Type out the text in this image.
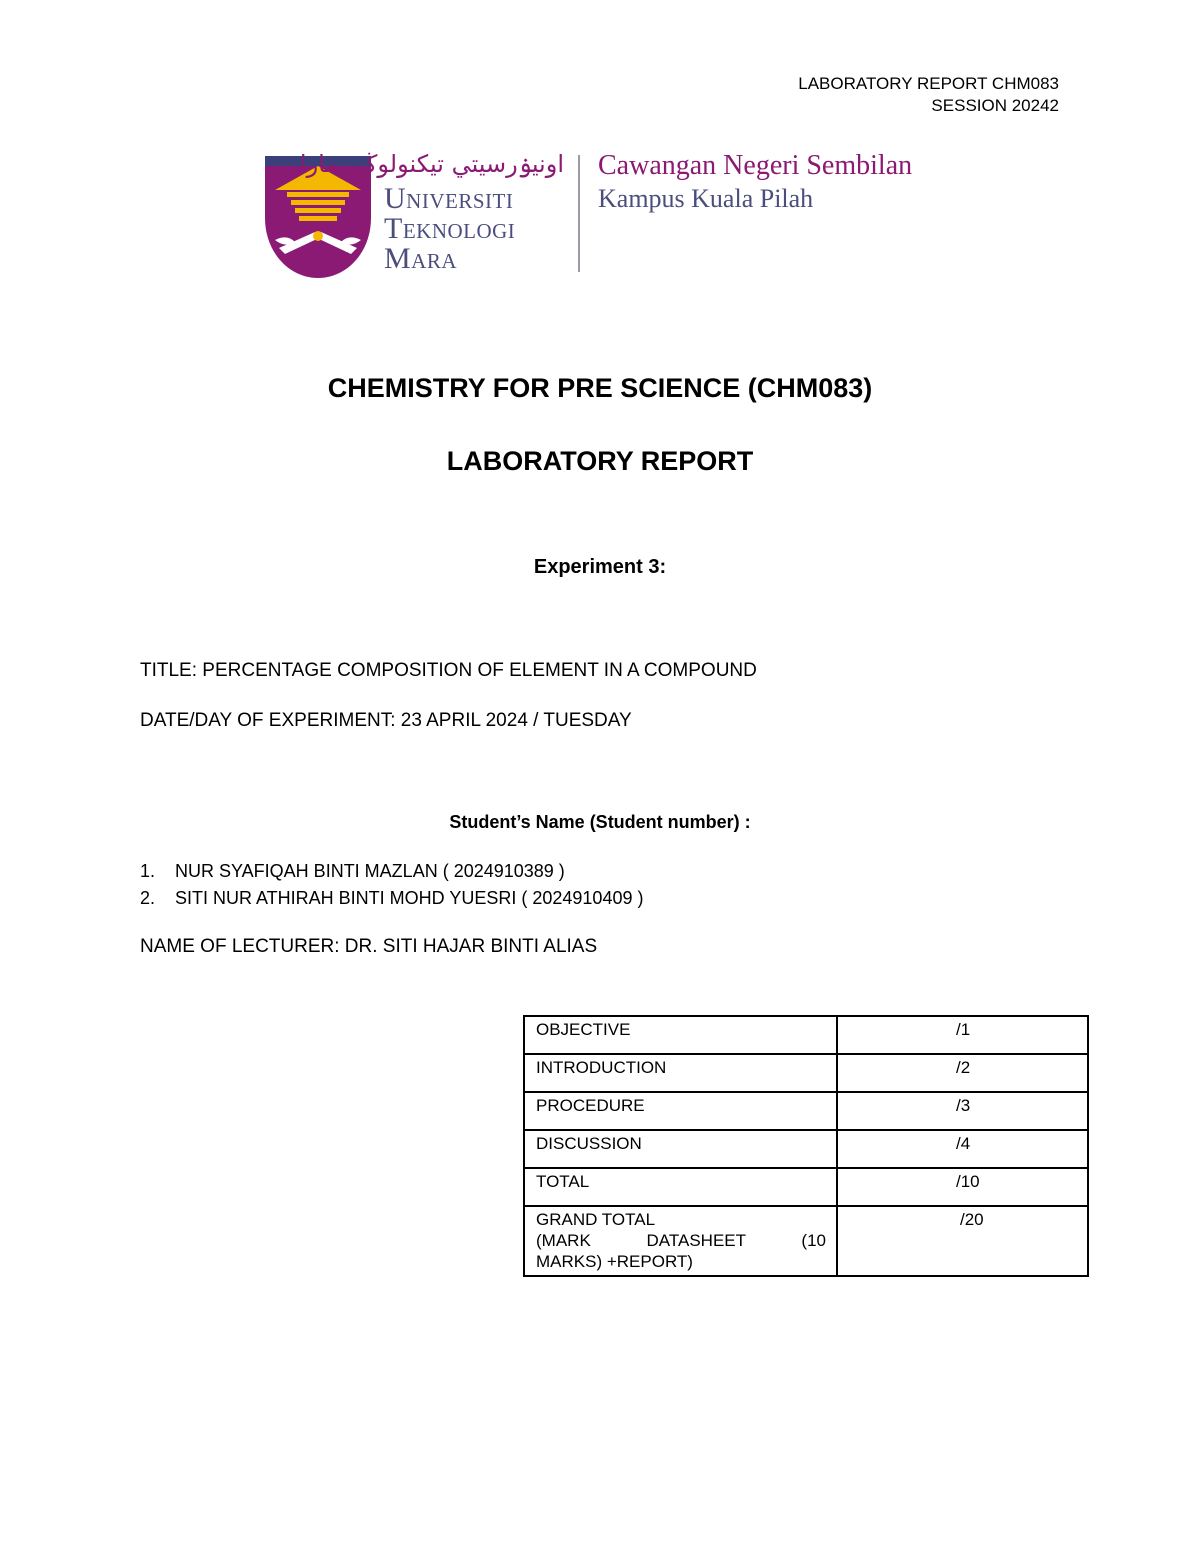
LABORATORY REPORT CHM083
SESSION 20242
اونيۏرسيتي تيكنولوڬي مارا
Universiti
Teknologi
Mara
Cawangan Negeri Sembilan
Kampus Kuala Pilah
CHEMISTRY FOR PRE SCIENCE (CHM083)
LABORATORY REPORT
Experiment 3:
TITLE: PERCENTAGE COMPOSITION OF ELEMENT IN A COMPOUND
DATE/DAY OF EXPERIMENT: 23 APRIL 2024 / TUESDAY
Student’s Name (Student number) :
1.	NUR SYAFIQAH BINTI MAZLAN ( 2024910389 )
2.	SITI NUR ATHIRAH BINTI MOHD YUESRI ( 2024910409 )
NAME OF LECTURER: DR. SITI HAJAR BINTI ALIAS
OBJECTIVE	/1
INTRODUCTION	/2
PROCEDURE	/3
DISCUSSION	/4
TOTAL	/10

GRAND TOTAL
(MARK DATASHEET (10
MARKS) +REPORT)	/20
